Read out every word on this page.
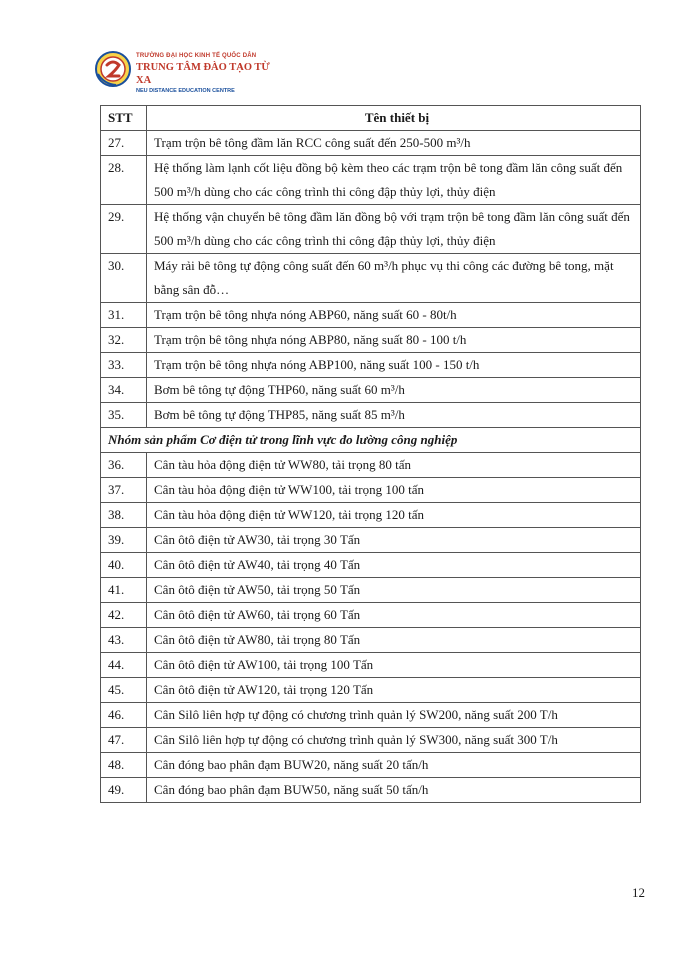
TRƯỜNG ĐẠI HỌC KINH TẾ QUỐC DÂN
TRUNG TÂM ĐÀO TẠO TỪ XA
NEU DISTANCE EDUCATION CENTRE
STT	Tên thiết bị
27.	Trạm trộn bê tông đầm lăn RCC công suất đến 250-500 m³/h
28.	Hệ thống làm lạnh cốt liệu đồng bộ kèm theo các trạm trộn bê tong đầm lăn công suất đến 500 m³/h dùng cho các công trình thi công đập thủy lợi, thủy điện
29.	Hệ thống vận chuyển bê tông đầm lăn đồng bộ với trạm trộn bê tong đầm lăn công suất đến 500 m³/h dùng cho các công trình thi công đập thủy lợi, thủy điện
30.	Máy rải bê tông tự động công suất đến 60 m³/h phục vụ thi công các đường bê tong, mặt bằng sân đỗ…
31.	Trạm trộn bê tông nhựa nóng ABP60, năng suất 60 - 80t/h
32.	Trạm trộn bê tông nhựa nóng ABP80, năng suất 80 - 100 t/h
33.	Trạm trộn bê tông nhựa nóng ABP100, năng suất 100 - 150 t/h
34.	Bơm bê tông tự động THP60, năng suất 60 m³/h
35.	Bơm bê tông tự động THP85, năng suất 85 m³/h
Nhóm sản phẩm Cơ điện tử trong lĩnh vực đo lường công nghiệp	
36.	Cân tàu hỏa động điện tử WW80, tải trọng 80 tấn
37.	Cân tàu hỏa động điện tử WW100, tải trọng 100 tấn
38.	Cân tàu hỏa động điện tử WW120, tải trọng 120 tấn
39.	Cân ôtô điện tử AW30, tải trọng 30 Tấn
40.	Cân ôtô điện tử AW40, tải trọng 40 Tấn
41.	Cân ôtô điện tử AW50, tải trọng 50 Tấn
42.	Cân ôtô điện tử AW60, tải trọng 60 Tấn
43.	Cân ôtô điện tử AW80, tải trọng 80 Tấn
44.	Cân ôtô điện tử AW100, tải trọng 100 Tấn
45.	Cân ôtô điện tử AW120, tải trọng 120 Tấn
46.	Cân Silô liên hợp tự động có chương trình quản lý SW200, năng suất 200 T/h
47.	Cân Silô liên hợp tự động có chương trình quản lý SW300, năng suất 300 T/h
48.	Cân đóng bao phân đạm BUW20, năng suất 20 tấn/h
49.	Cân đóng bao phân đạm BUW50, năng suất 50 tấn/h
12
